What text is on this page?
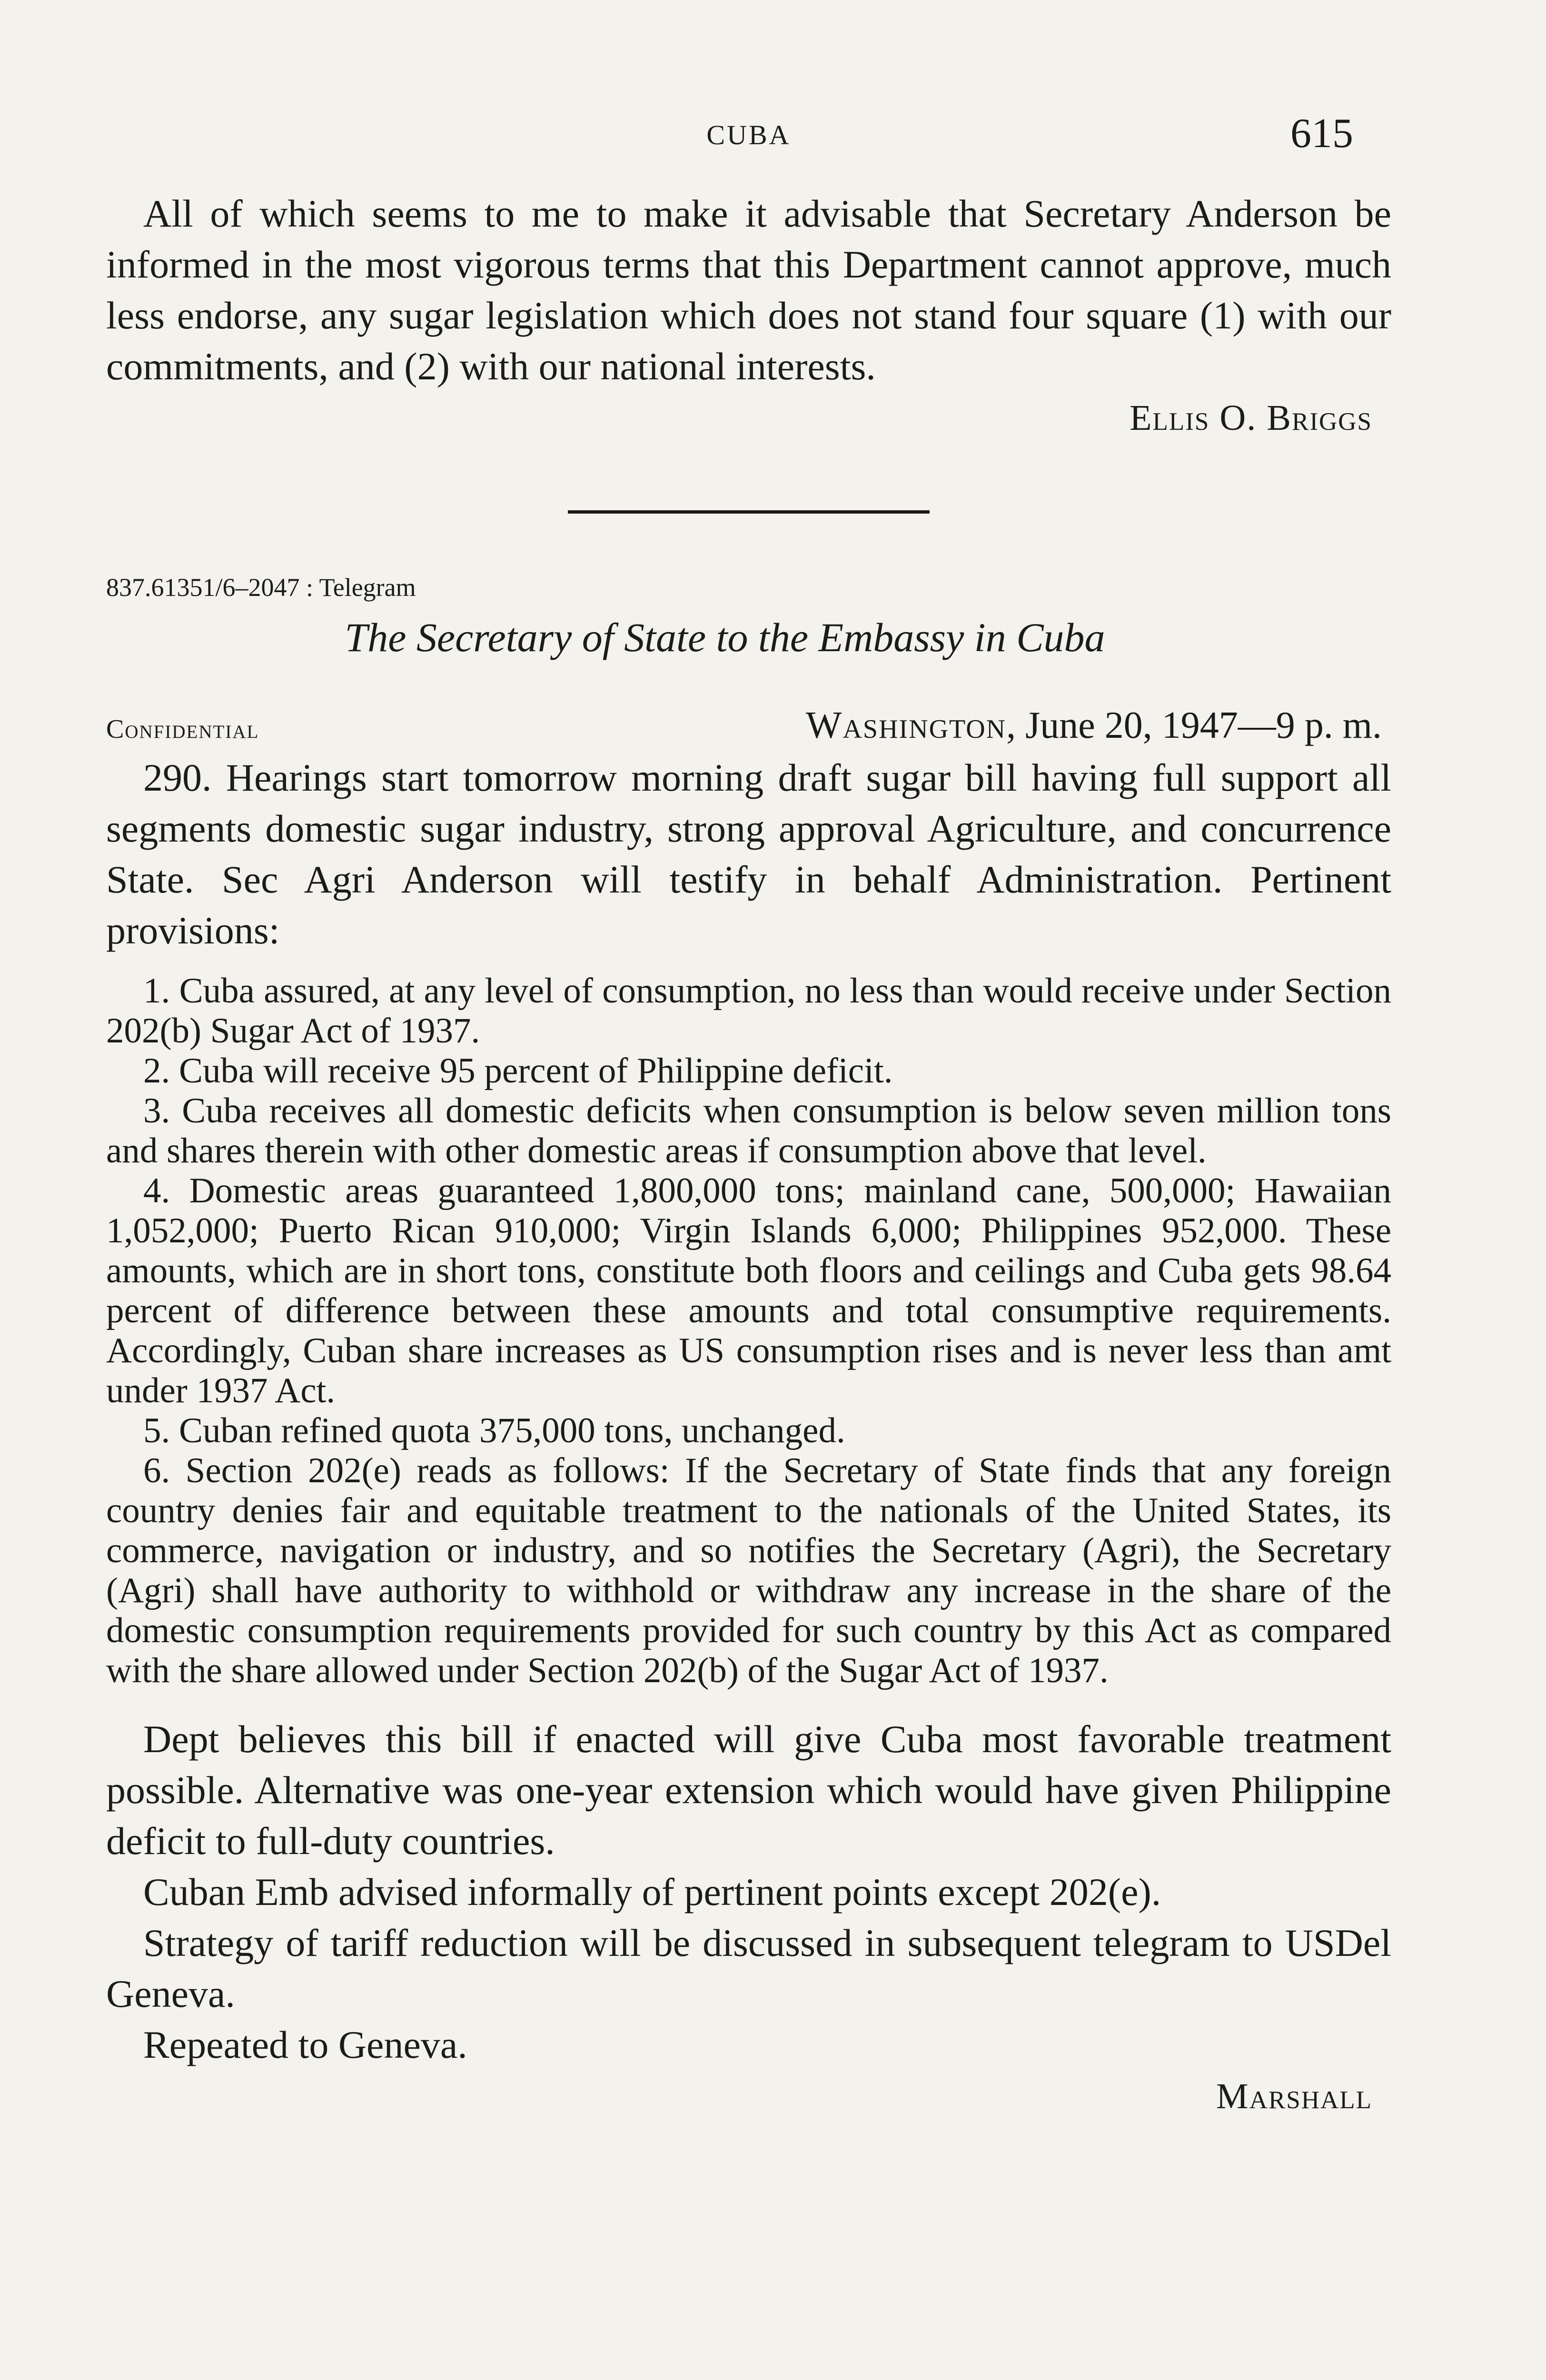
CUBA	615

All of which seems to me to make it advisable that Secretary Anderson be informed in the most vigorous terms that this Department cannot approve, much less endorse, any sugar legislation which does not stand four square (1) with our commitments, and (2) with our national interests.

Ellis O. Briggs
837.61351/6–2047 : Telegram
The Secretary of State to the Embassy in Cuba
Confidential	Washington, June 20, 1947—9 p. m.

290. Hearings start tomorrow morning draft sugar bill having full support all segments domestic sugar industry, strong approval Agriculture, and concurrence State. Sec Agri Anderson will testify in behalf Administration. Pertinent provisions:

1. Cuba assured, at any level of consumption, no less than would receive under Section 202(b) Sugar Act of 1937.

2. Cuba will receive 95 percent of Philippine deficit.

3. Cuba receives all domestic deficits when consumption is below seven million tons and shares therein with other domestic areas if consumption above that level.

4. Domestic areas guaranteed 1,800,000 tons; mainland cane, 500,000; Hawaiian 1,052,000; Puerto Rican 910,000; Virgin Islands 6,000; Philippines 952,000. These amounts, which are in short tons, constitute both floors and ceilings and Cuba gets 98.64 percent of difference between these amounts and total consumptive requirements. Accordingly, Cuban share increases as US consumption rises and is never less than amt under 1937 Act.

5. Cuban refined quota 375,000 tons, unchanged.

6. Section 202(e) reads as follows: If the Secretary of State finds that any foreign country denies fair and equitable treatment to the nationals of the United States, its commerce, navigation or industry, and so notifies the Secretary (Agri), the Secretary (Agri) shall have authority to withhold or withdraw any increase in the share of the domestic consumption requirements provided for such country by this Act as compared with the share allowed under Section 202(b) of the Sugar Act of 1937.

Dept believes this bill if enacted will give Cuba most favorable treatment possible. Alternative was one-year extension which would have given Philippine deficit to full-duty countries.

Cuban Emb advised informally of pertinent points except 202(e).

Strategy of tariff reduction will be discussed in subsequent telegram to USDel Geneva.

Repeated to Geneva.

Marshall
